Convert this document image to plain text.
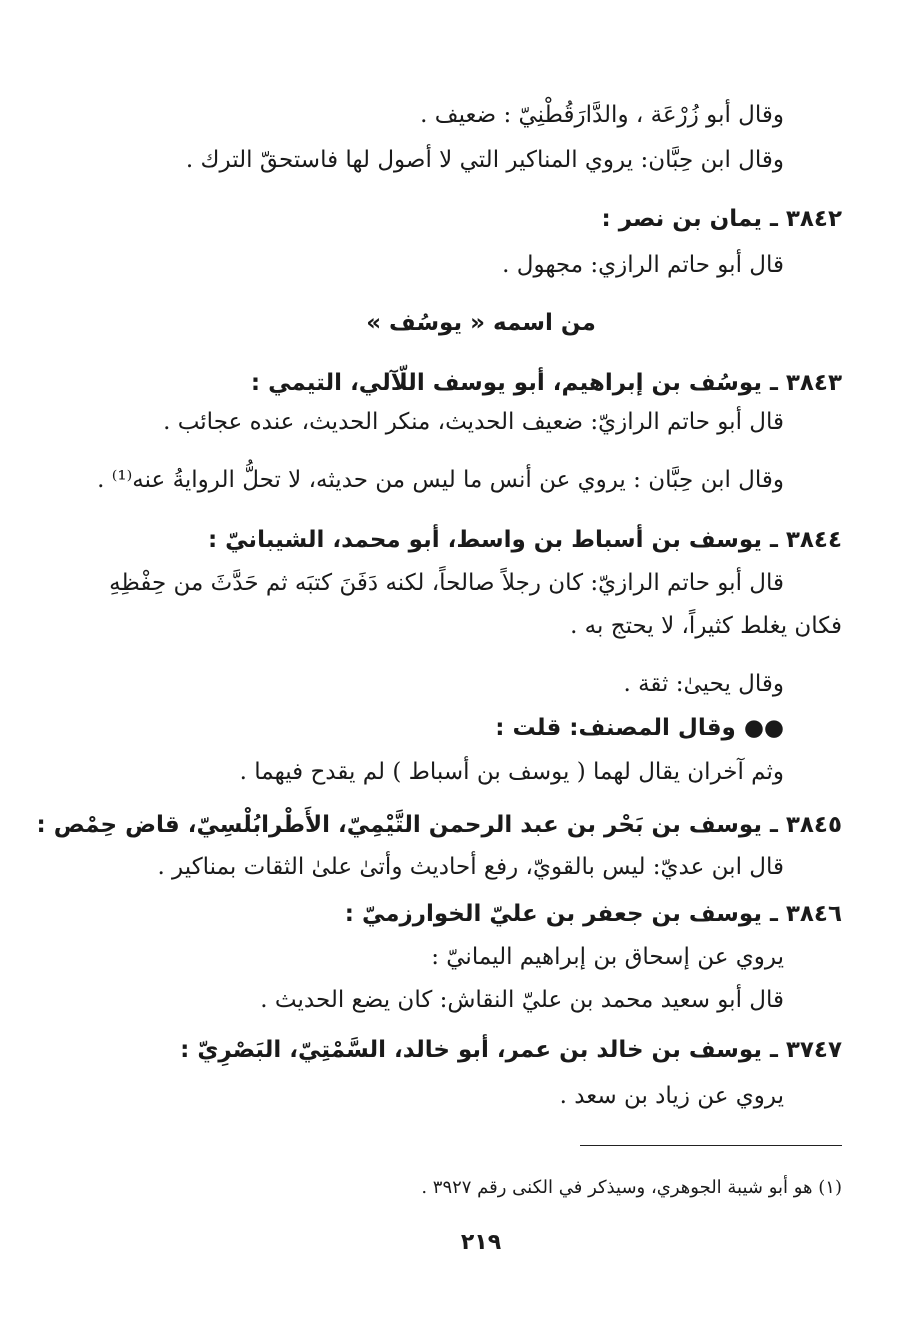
وقال أبو زُرْعَة ، والدَّارَقُطْنِيّ : ضعيف .
وقال ابن حِبَّان: يروي المناكير التي لا أصول لها فاستحقّ الترك .
٣٨٤٢ ـ يمان بن نصر :
قال أبو حاتم الرازي: مجهول .
من اسمه « يوسُف »
٣٨٤٣ ـ يوسُف بن إبراهيم، أبو يوسف اللّآلي، التيمي :
قال أبو حاتم الرازيّ: ضعيف الحديث، منكر الحديث، عنده عجائب .
وقال ابن حِبَّان : يروي عن أنس ما ليس من حديثه، لا تحلُّ الروايةُ عنه⁽¹⁾ .
٣٨٤٤ ـ يوسف بن أسباط بن واسط، أبو محمد، الشيبانيّ :
قال أبو حاتم الرازيّ: كان رجلاً صالحاً، لكنه دَفَنَ كتبَه ثم حَدَّثَ من حِفْظِهِ
فكان يغلط كثيراً، لا يحتج به .
وقال يحيىٰ: ثقة .
●● وقال المصنف: قلت :
وثم آخران يقال لهما ( يوسف بن أسباط ) لم يقدح فيهما .
٣٨٤٥ ـ يوسف بن بَحْر بن عبد الرحمن التَّيْمِيّ، الأَطْرابُلْسِيّ، قاض حِمْص :
قال ابن عديّ: ليس بالقويّ، رفع أحاديث وأتىٰ علىٰ الثقات بمناكير .
٣٨٤٦ ـ يوسف بن جعفر بن عليّ الخوارزميّ :
يروي عن إسحاق بن إبراهيم اليمانيّ :
قال أبو سعيد محمد بن عليّ النقاش: كان يضع الحديث .
٣٧٤٧ ـ يوسف بن خالد بن عمر، أبو خالد، السَّمْتِيّ، البَصْرِيّ :
يروي عن زياد بن سعد .
(١) هو أبو شيبة الجوهري، وسيذكر في الكنى رقم ٣٩٢٧ .
٢١٩
